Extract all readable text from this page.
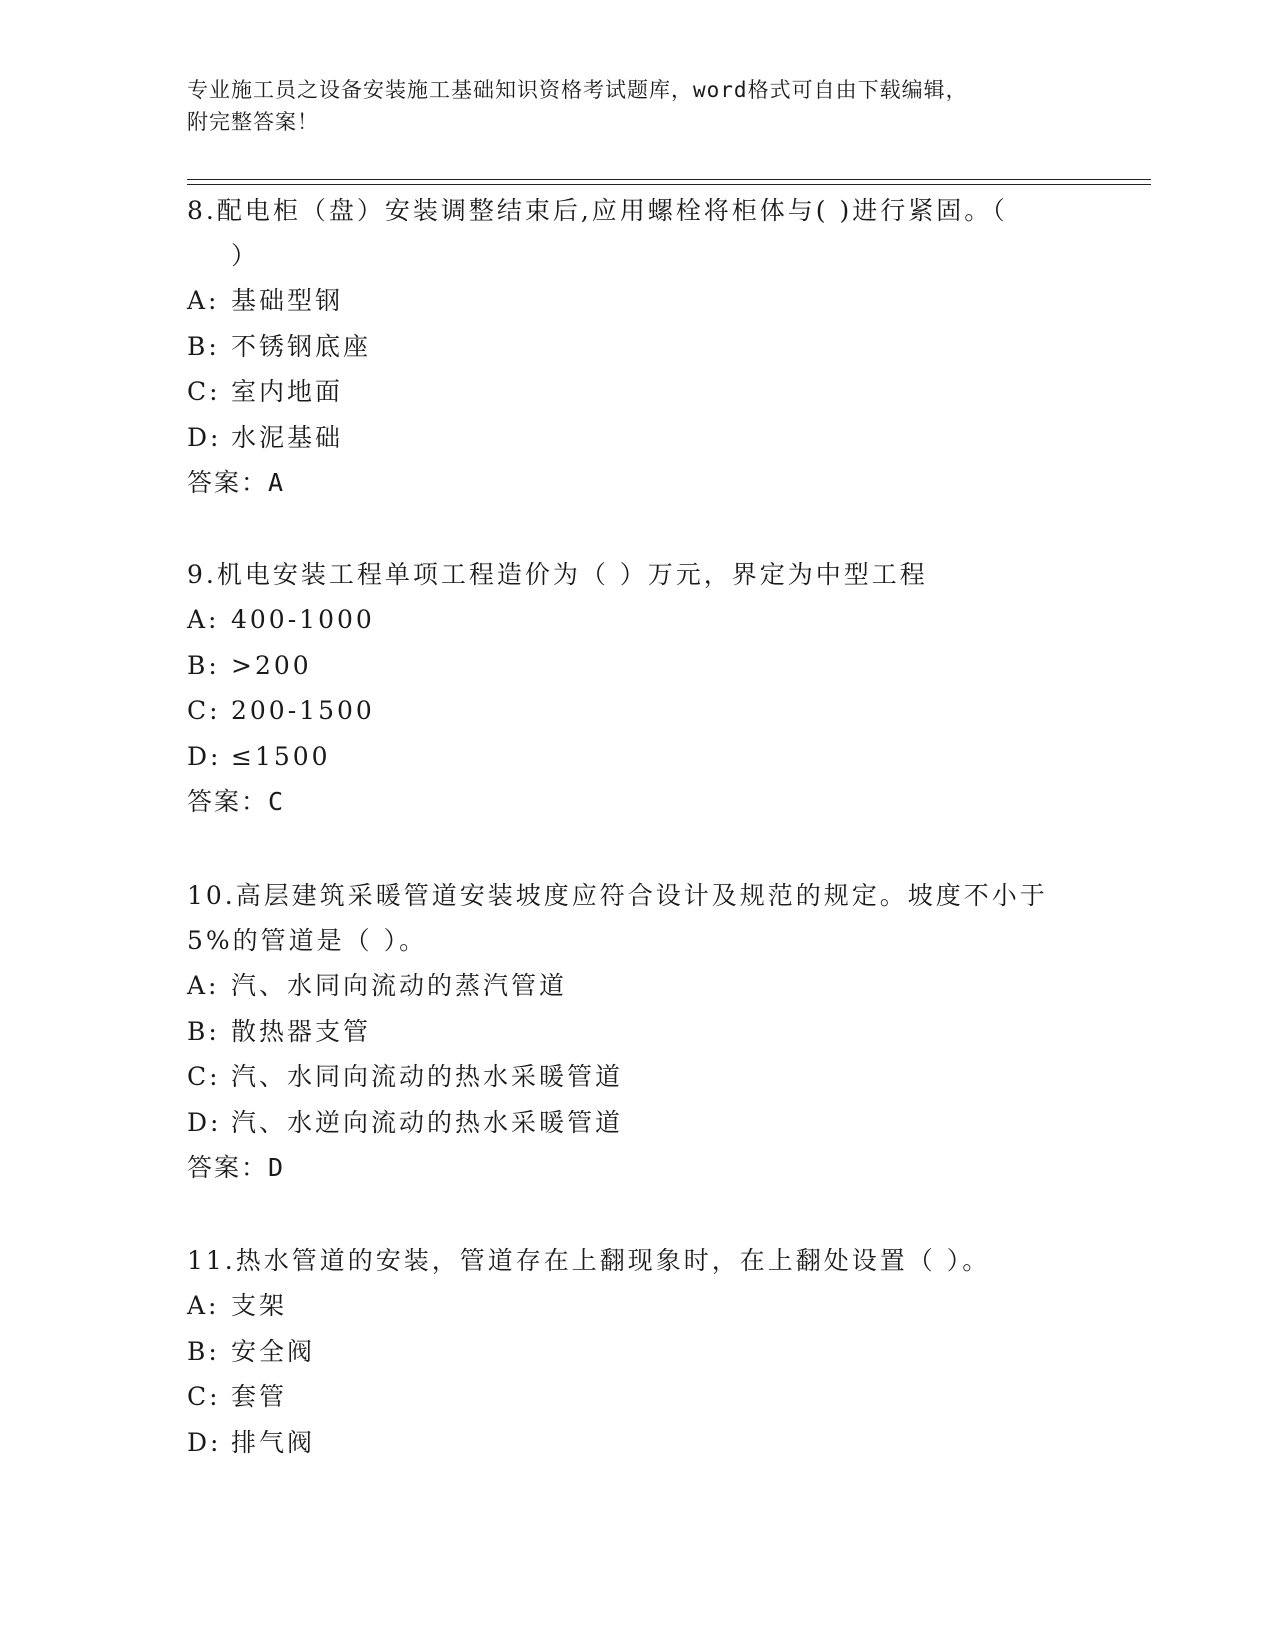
专业施工员之设备安装施工基础知识资格考试题库，word格式可自由下载编辑，
附完整答案！
8.配电柜（盘）安装调整结束后,应用螺栓将柜体与( )进行紧固。（
）
A: 基础型钢
B: 不锈钢底座
C: 室内地面
D: 水泥基础
答案：A
9.机电安装工程单项工程造价为（ ）万元，界定为中型工程
A: 400-1000
B: >200
C: 200-1500
D: ≤1500
答案：C
10.高层建筑采暖管道安装坡度应符合设计及规范的规定。坡度不小于
5%的管道是（ ）。
A: 汽、水同向流动的蒸汽管道
B: 散热器支管
C: 汽、水同向流动的热水采暖管道
D: 汽、水逆向流动的热水采暖管道
答案：D
11.热水管道的安装，管道存在上翻现象时，在上翻处设置（ ）。
A: 支架
B: 安全阀
C: 套管
D: 排气阀
